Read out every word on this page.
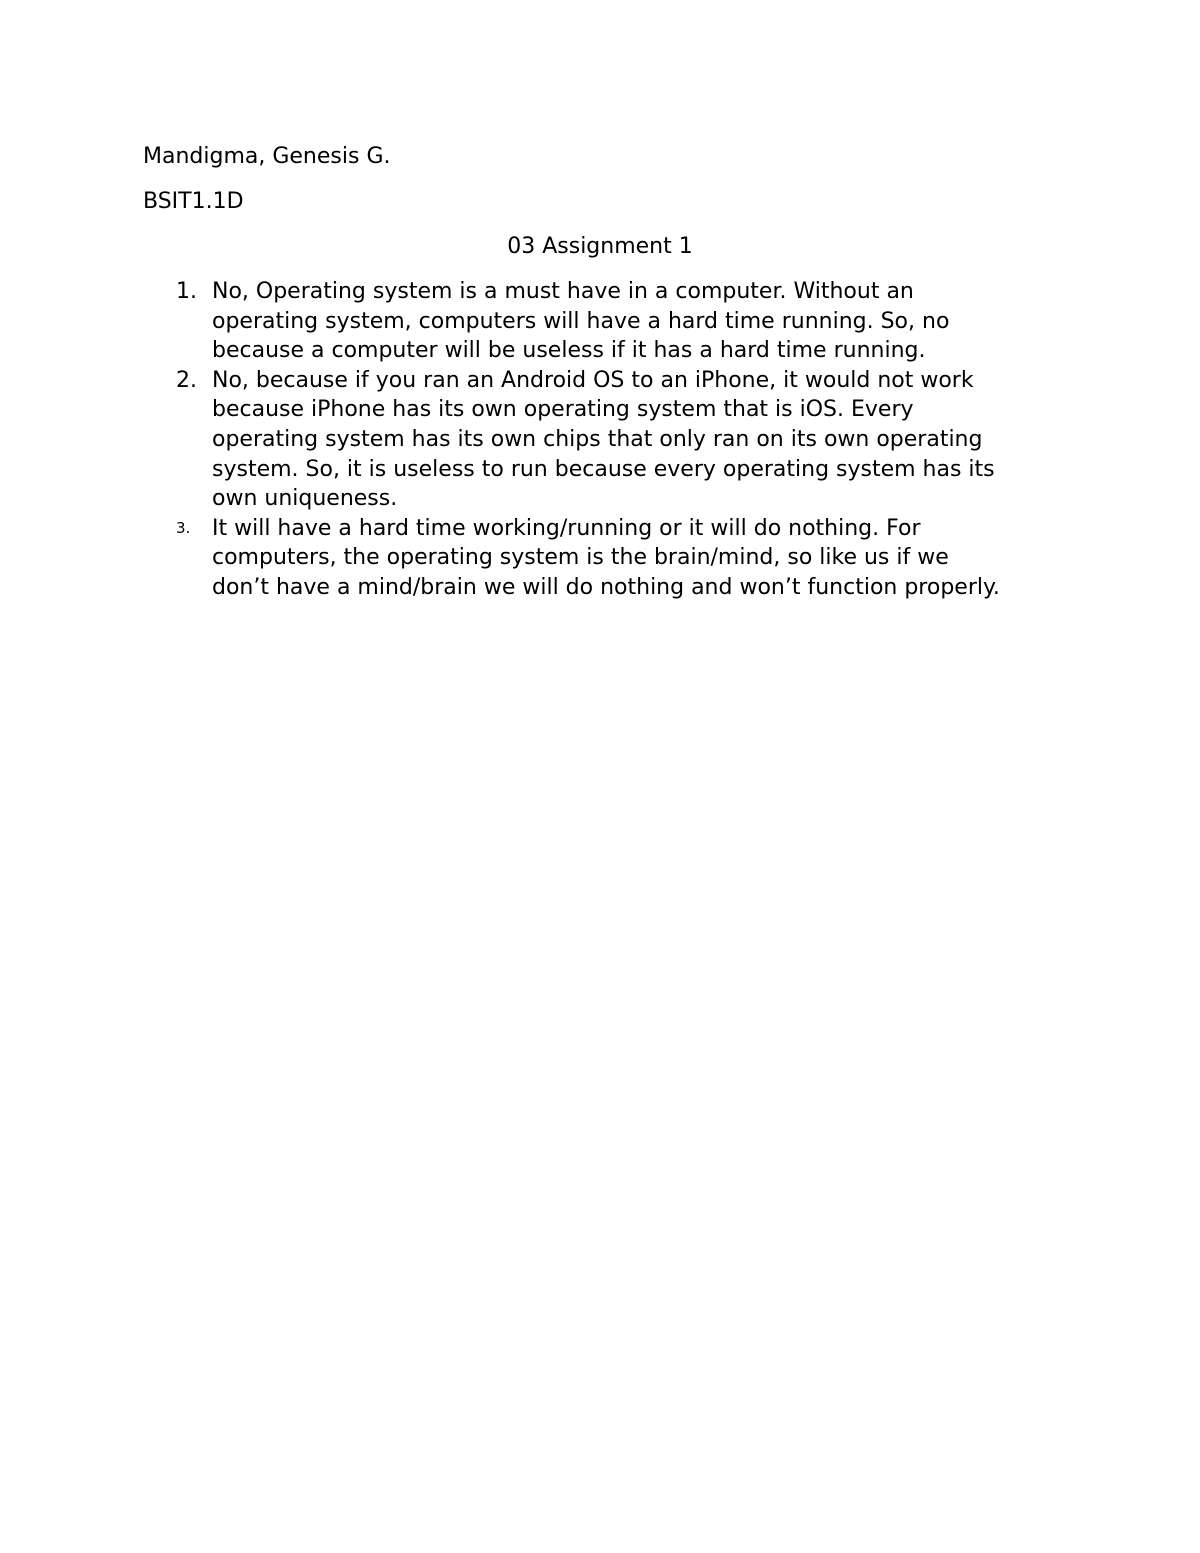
Mandigma, Genesis G.

BSIT1.1D

03 Assignment 1

1. No, Operating system is a must have in a computer. Without an
operating system, computers will have a hard time running. So, no
because a computer will be useless if it has a hard time running.
2. No, because if you ran an Android OS to an iPhone, it would not work
because iPhone has its own operating system that is iOS. Every
operating system has its own chips that only ran on its own operating
system. So, it is useless to run because every operating system has its
own uniqueness.
3. It will have a hard time working/running or it will do nothing. For
computers, the operating system is the brain/mind, so like us if we
don’t have a mind/brain we will do nothing and won’t function properly.
